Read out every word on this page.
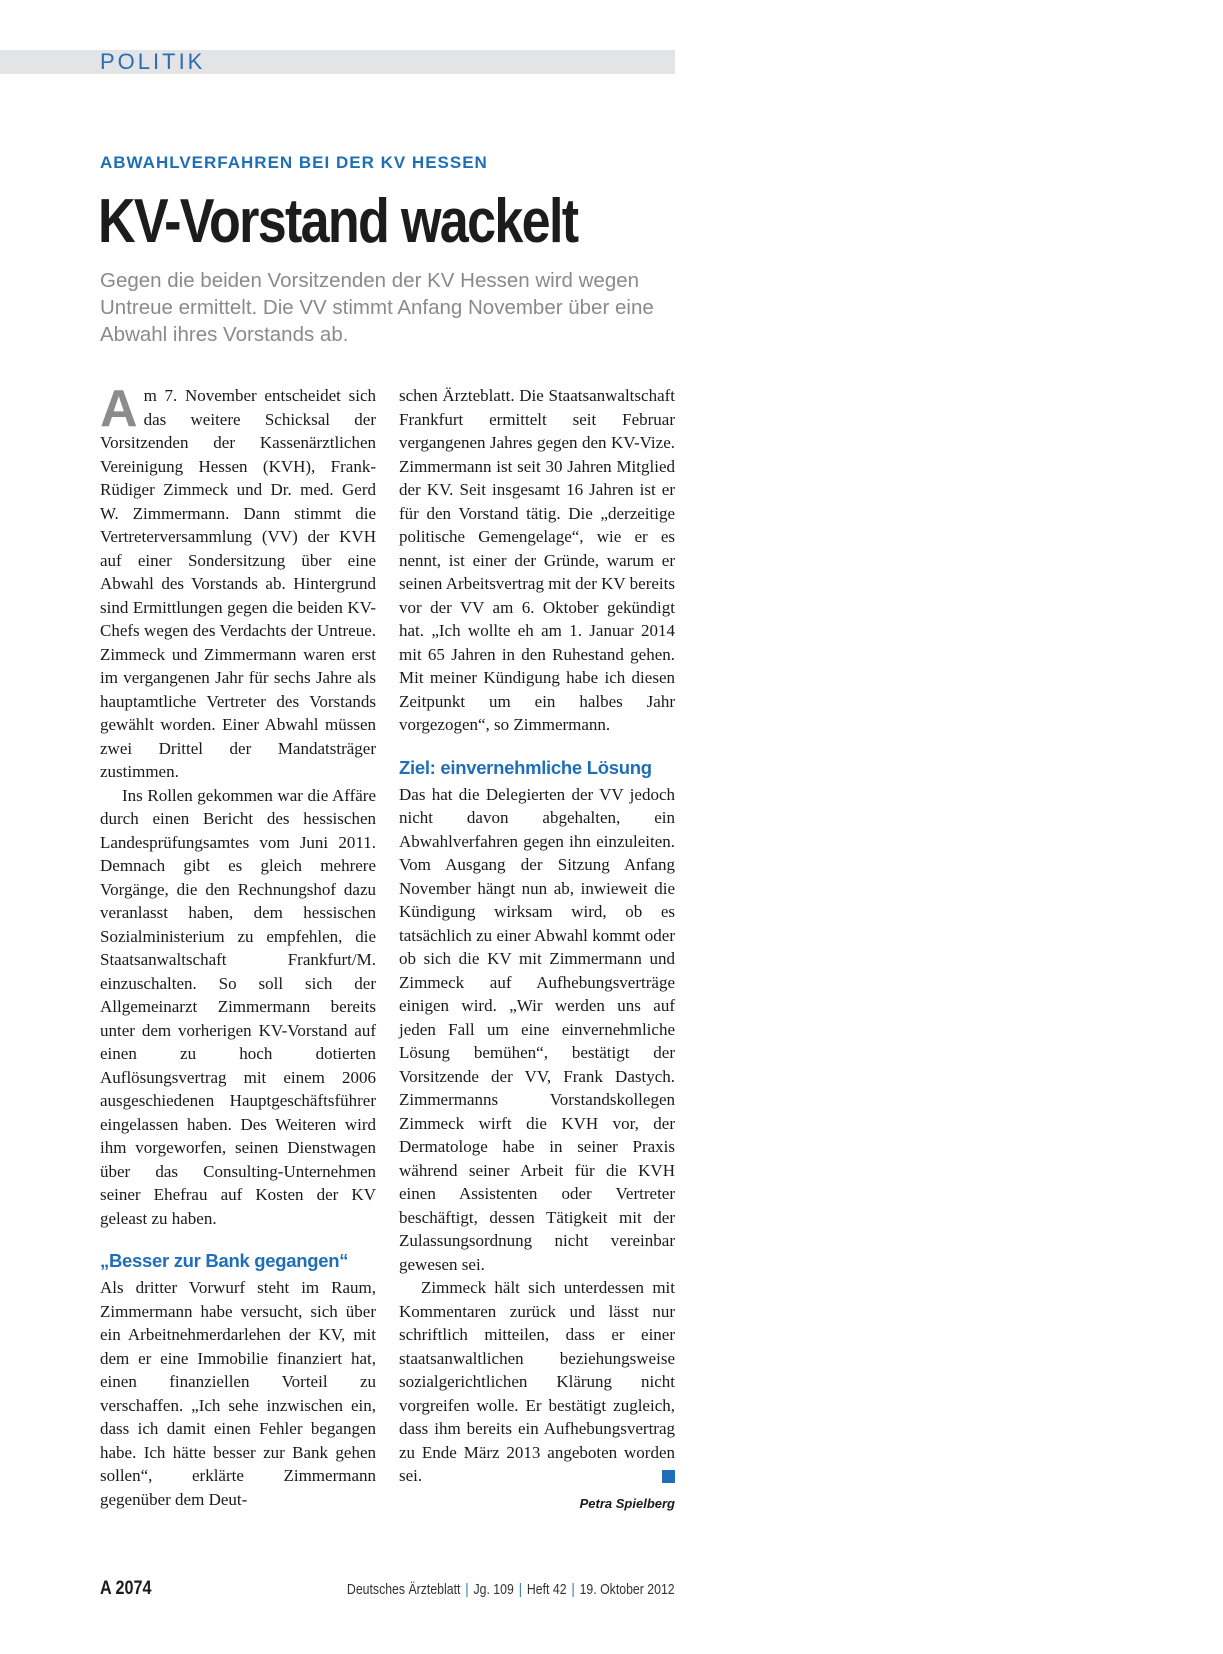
POLITIK
ABWAHLVERFAHREN BEI DER KV HESSEN
KV-Vorstand wackelt
Gegen die beiden Vorsitzenden der KV Hessen wird wegen Untreue ermittelt. Die VV stimmt Anfang November über eine Abwahl ihres Vorstands ab.

Am 7. November entscheidet sich das weitere Schicksal der Vorsitzenden der Kassenärztlichen Vereinigung Hessen (KVH), Frank-Rüdiger Zimmeck und Dr. med. Gerd W. Zimmermann. Dann stimmt die Vertreterversammlung (VV) der KVH auf einer Sondersitzung über eine Abwahl des Vorstands ab. Hintergrund sind Ermittlungen gegen die beiden KV-Chefs wegen des Verdachts der Untreue. Zimmeck und Zimmermann waren erst im vergangenen Jahr für sechs Jahre als hauptamtliche Vertreter des Vorstands gewählt worden. Einer Abwahl müssen zwei Drittel der Mandatsträger zustimmen.

Ins Rollen gekommen war die Affäre durch einen Bericht des hessischen Landesprüfungsamtes vom Juni 2011. Demnach gibt es gleich mehrere Vorgänge, die den Rechnungshof dazu veranlasst haben, dem hessischen Sozialministerium zu empfehlen, die Staatsanwaltschaft Frankfurt/M. einzuschalten. So soll sich der Allgemeinarzt Zimmermann bereits unter dem vorherigen KV-Vorstand auf einen zu hoch dotierten Auflösungsvertrag mit einem 2006 ausgeschiedenen Hauptgeschäftsführer eingelassen haben. Des Weiteren wird ihm vorgeworfen, seinen Dienstwagen über das Consulting-Unternehmen seiner Ehefrau auf Kosten der KV geleast zu haben.

„Besser zur Bank gegangen“

Als dritter Vorwurf steht im Raum, Zimmermann habe versucht, sich über ein Arbeitnehmerdarlehen der KV, mit dem er eine Immobilie finanziert hat, einen finanziellen Vorteil zu verschaffen. „Ich sehe inzwischen ein, dass ich damit einen Fehler begangen habe. Ich hätte besser zur Bank gehen sollen“, erklärte Zimmermann gegenüber dem Deut-

schen Ärzteblatt. Die Staatsanwaltschaft Frankfurt ermittelt seit Februar vergangenen Jahres gegen den KV-Vize. Zimmermann ist seit 30 Jahren Mitglied der KV. Seit insgesamt 16 Jahren ist er für den Vorstand tätig. Die „derzeitige politische Gemengelage“, wie er es nennt, ist einer der Gründe, warum er seinen Arbeitsvertrag mit der KV bereits vor der VV am 6. Oktober gekündigt hat. „Ich wollte eh am 1. Januar 2014 mit 65 Jahren in den Ruhestand gehen. Mit meiner Kündigung habe ich diesen Zeitpunkt um ein halbes Jahr vorgezogen“, so Zimmermann.

Ziel: einvernehmliche Lösung

Das hat die Delegierten der VV jedoch nicht davon abgehalten, ein Abwahlverfahren gegen ihn einzuleiten. Vom Ausgang der Sitzung Anfang November hängt nun ab, inwieweit die Kündigung wirksam wird, ob es tatsächlich zu einer Abwahl kommt oder ob sich die KV mit Zimmermann und Zimmeck auf Aufhebungsverträge einigen wird. „Wir werden uns auf jeden Fall um eine einvernehmliche Lösung bemühen“, bestätigt der Vorsitzende der VV, Frank Dastych. Zimmermanns Vorstandskollegen Zimmeck wirft die KVH vor, der Dermatologe habe in seiner Praxis während seiner Arbeit für die KVH einen Assistenten oder Vertreter beschäftigt, dessen Tätigkeit mit der Zulassungsordnung nicht vereinbar gewesen sei.

Zimmeck hält sich unterdessen mit Kommentaren zurück und lässt nur schriftlich mitteilen, dass er einer staatsanwaltlichen beziehungsweise sozialgerichtlichen Klärung nicht vorgreifen wolle. Er bestätigt zugleich, dass ihm bereits ein Aufhebungsvertrag zu Ende März 2013 angeboten worden sei.

Petra Spielberg
A 2074	Deutsches Ärzteblatt | Jg. 109 | Heft 42 | 19. Oktober 2012
